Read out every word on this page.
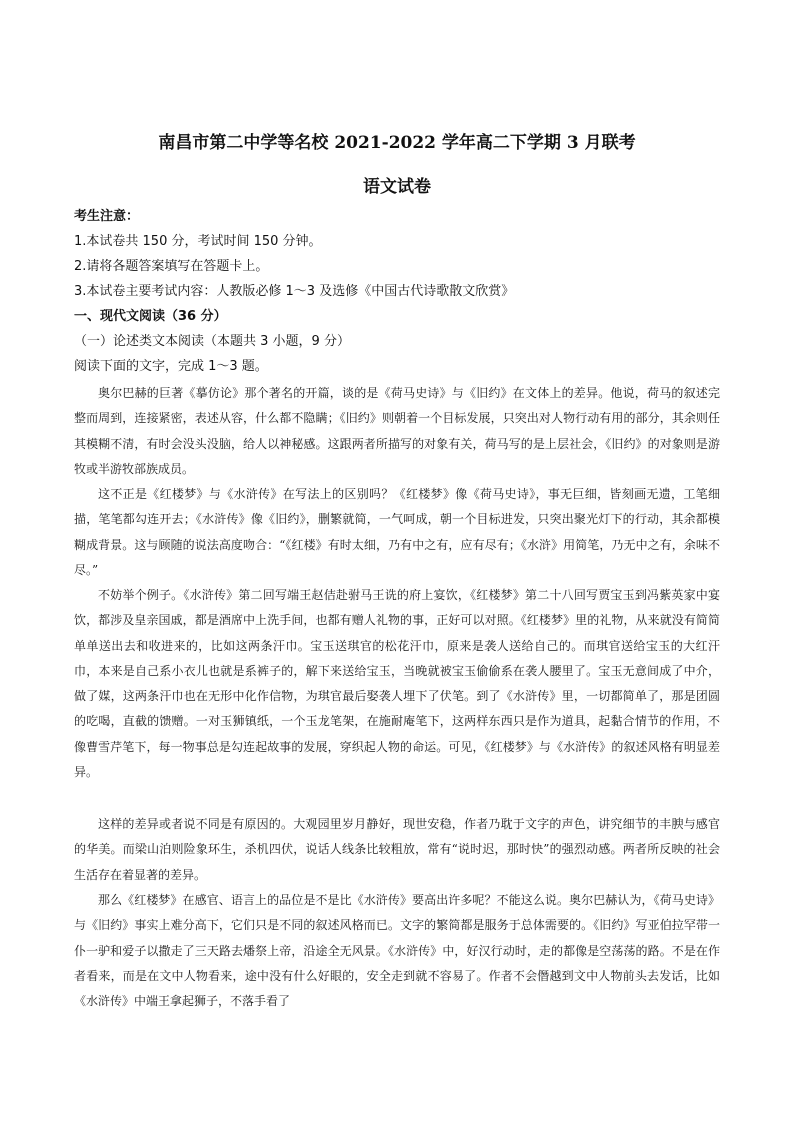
南昌市第二中学等名校 2021-2022 学年高二下学期 3 月联考
语文试卷
考生注意：
1.本试卷共 150 分，考试时间 150 分钟。
2.请将各题答案填写在答题卡上。
3.本试卷主要考试内容：人教版必修 1～3 及选修《中国古代诗歌散文欣赏》
一、现代文阅读（36 分）
（一）论述类文本阅读（本题共 3 小题，9 分）
阅读下面的文字，完成 1～3 题。
奥尔巴赫的巨著《摹仿论》那个著名的开篇，谈的是《荷马史诗》与《旧约》在文体上的差异。他说，荷马的叙述完整而周到，连接紧密，表述从容，什么都不隐瞒；《旧约》则朝着一个目标发展，只突出对人物行动有用的部分，其余则任其模糊不清，有时会没头没脑，给人以神秘感。这跟两者所描写的对象有关，荷马写的是上层社会，《旧约》的对象则是游牧或半游牧部族成员。
这不正是《红楼梦》与《水浒传》在写法上的区别吗？《红楼梦》像《荷马史诗》，事无巨细，皆刻画无遗，工笔细描，笔笔都勾连开去；《水浒传》像《旧约》，删繁就简，一气呵成，朝一个目标进发，只突出聚光灯下的行动，其余都模糊成背景。这与顾随的说法高度吻合：“《红楼》有时太细，乃有中之有，应有尽有；《水浒》用简笔，乃无中之有，余味不尽。”
不妨举个例子。《水浒传》第二回写端王赵佶赴驸马王诜的府上宴饮，《红楼梦》第二十八回写贾宝玉到冯紫英家中宴饮，都涉及皇亲国戚，都是酒席中上洗手间，也都有赠人礼物的事，正好可以对照。《红楼梦》里的礼物，从来就没有简简单单送出去和收进来的，比如这两条汗巾。宝玉送琪官的松花汗巾，原来是袭人送给自己的。而琪官送给宝玉的大红汗巾，本来是自己系小衣儿也就是系裤子的，解下来送给宝玉，当晚就被宝玉偷偷系在袭人腰里了。宝玉无意间成了中介，做了媒，这两条汗巾也在无形中化作信物，为琪官最后娶袭人埋下了伏笔。到了《水浒传》里，一切都简单了，那是团圆的吃喝，直截的馈赠。一对玉狮镇纸，一个玉龙笔架，在施耐庵笔下，这两样东西只是作为道具，起黏合情节的作用，不像曹雪芹笔下，每一物事总是勾连起故事的发展，穿织起人物的命运。可见，《红楼梦》与《水浒传》的叙述风格有明显差异。
这样的差异或者说不同是有原因的。大观园里岁月静好，现世安稳，作者乃耽于文字的声色，讲究细节的丰腴与感官的华美。而梁山泊则险象环生，杀机四伏，说话人线条比较粗放，常有“说时迟，那时快”的强烈动感。两者所反映的社会生活存在着显著的差异。
那么《红楼梦》在感官、语言上的品位是不是比《水浒传》要高出许多呢？不能这么说。奥尔巴赫认为，《荷马史诗》与《旧约》事实上难分高下，它们只是不同的叙述风格而已。文字的繁简都是服务于总体需要的。《旧约》写亚伯拉罕带一仆一驴和爱子以撒走了三天路去燔祭上帝，沿途全无风景。《水浒传》中，好汉行动时，走的都像是空荡荡的路。不是在作者看来，而是在文中人物看来，途中没有什么好眼的，安全走到就不容易了。作者不会僭越到文中人物前头去发话，比如《水浒传》中端王拿起狮子，不落手看了
